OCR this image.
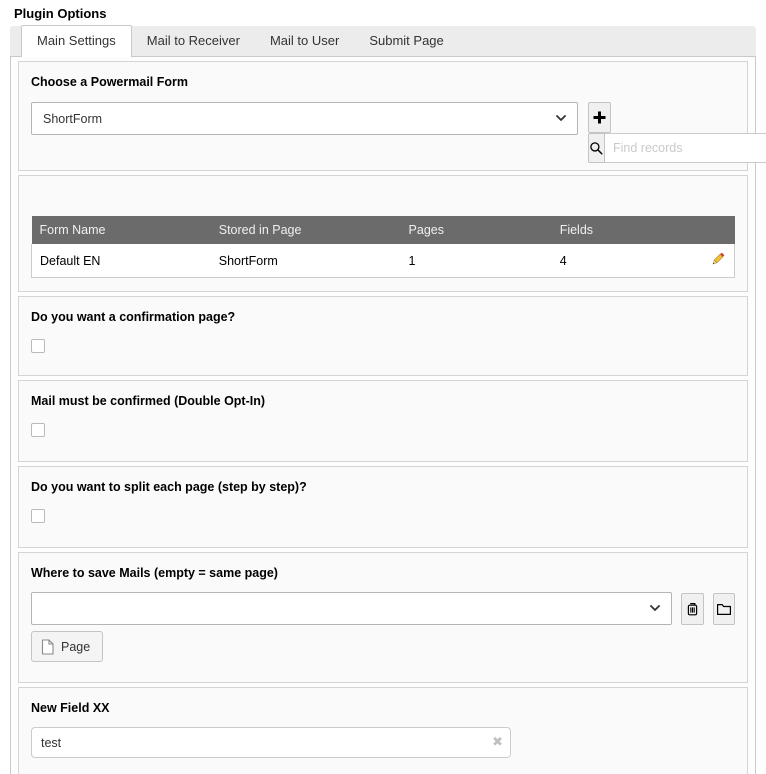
Plugin Options
Main Settings	Mail to Receiver	Mail to User	Submit Page
Choose a Powermail Form
ShortForm
Find records
Form Name	Stored in Page	Pages	Fields	
Default EN	ShortForm	1	4	
Do you want a confirmation page?
Mail must be confirmed (Double Opt-In)
Do you want to split each page (step by step)?
Where to save Mails (empty = same page)
Page
New Field XX
test
✖
